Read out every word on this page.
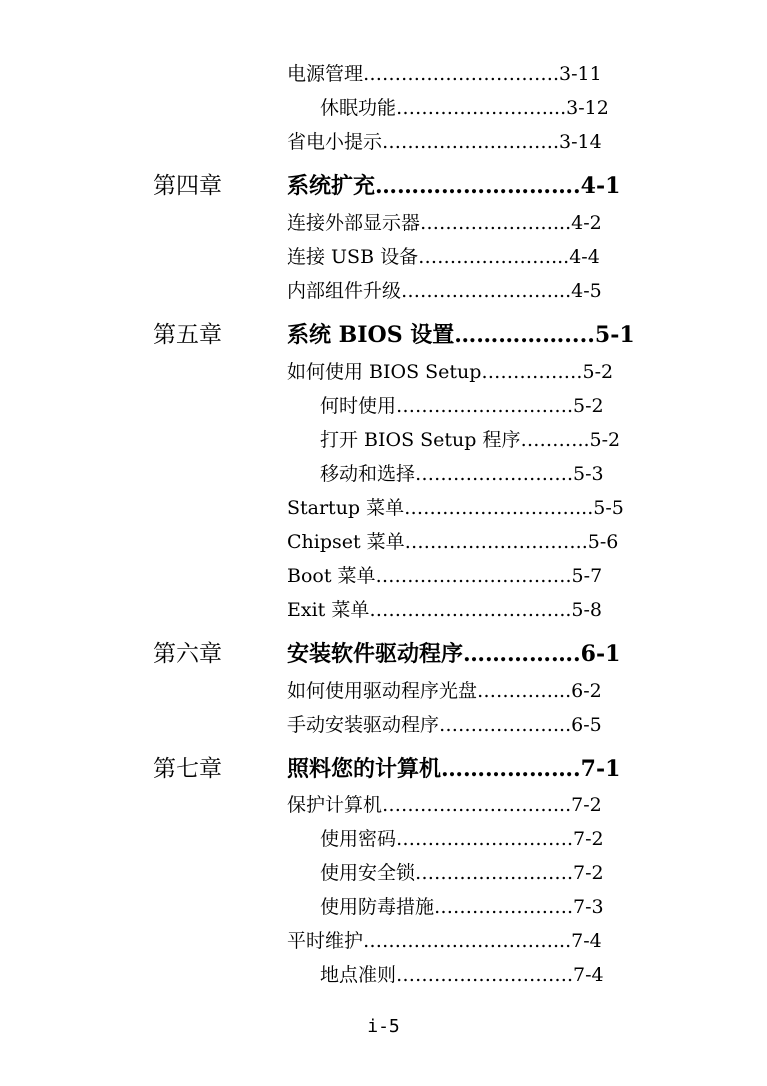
电源管理………………………….3-11
休眠功能……………………...3-12
省电小提示……………………….3-14
第四章	系统扩充……………………….4-1
连接外部显示器…………………...4-2
连接 USB 设备…………………...4-4
内部组件升级……………………...4-5
第五章	系统 BIOS 设置……………....5-1
如何使用 BIOS Setup…………….5-2
何时使用……………………….5-2
打开 BIOS Setup 程序………..5-2
移动和选择…………………….5-3
Startup 菜单………………………...5-5
Chipset 菜单………………………..5-6
Boot 菜单………………………….5-7
Exit 菜单…………………………..5-8
第六章	安装软件驱动程序…………….6-1
如何使用驱动程序光盘…………...6-2
手动安装驱动程序………………...6-5
第七章	照料您的计算机……………….7-1
保护计算机………………………...7-2
使用密码……………………….7-2
使用安全锁…………………….7-2
使用防毒措施………………….7-3
平时维护…………………………...7-4
地点准则……………………….7-4
i-5
